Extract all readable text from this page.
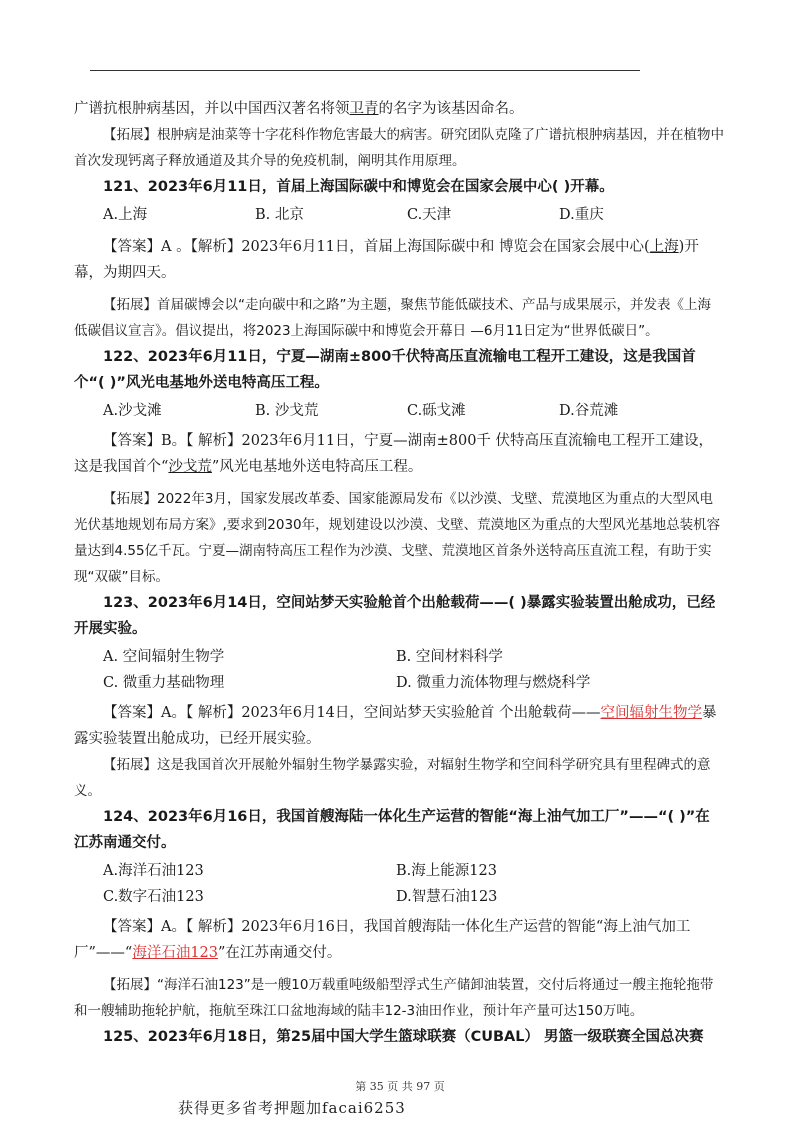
广谱抗根肿病基因，并以中国西汉著名将领卫青的名字为该基因命名。

【拓展】根肿病是油菜等十字花科作物危害最大的病害。研究团队克隆了广谱抗根肿病基因，并在植物中首次发现钙离子释放通道及其介导的免疫机制，阐明其作用原理。

121、2023年6月11日，首届上海国际碳中和博览会在国家会展中心( )开幕。

A.上海	B. 北京	C.天津	D.重庆

【答案】A 。【解析】2023年6月11日，首届上海国际碳中和 博览会在国家会展中心(上海)开幕，为期四天。

【拓展】首届碳博会以“走向碳中和之路”为主题，聚焦节能低碳技术、产品与成果展示，并发表《上海低碳倡议宣言》。倡议提出，将2023上海国际碳中和博览会开幕日 —6月11日定为“世界低碳日”。

122、2023年6月11日，宁夏—湖南±800千伏特高压直流输电工程开工建设，这是我国首个“( )”风光电基地外送电特高压工程。

A.沙戈滩	B. 沙戈荒	C.砾戈滩	D.谷荒滩

【答案】B。【 解析】2023年6月11日，宁夏—湖南±800千 伏特高压直流输电工程开工建设，这是我国首个“沙戈荒”风光电基地外送电特高压工程。

【拓展】2022年3月，国家发展改革委、国家能源局发布《以沙漠、戈壁、荒漠地区为重点的大型风电光伏基地规划布局方案》,要求到2030年，规划建设以沙漠、戈壁、荒漠地区为重点的大型风光基地总装机容量达到4.55亿千瓦。宁夏—湖南特高压工程作为沙漠、戈壁、荒漠地区首条外送特高压直流工程，有助于实现“双碳”目标。

123、2023年6月14日，空间站梦天实验舱首个出舱载荷——( )暴露实验装置出舱成功，已经开展实验。

A. 空间辐射生物学	B. 空间材料科学
C. 微重力基础物理	D. 微重力流体物理与燃烧科学

【答案】A。【 解析】2023年6月14日，空间站梦天实验舱首 个出舱载荷——空间辐射生物学暴露实验装置出舱成功，已经开展实验。

【拓展】这是我国首次开展舱外辐射生物学暴露实验，对辐射生物学和空间科学研究具有里程碑式的意义。

124、2023年6月16日，我国首艘海陆一体化生产运营的智能“海上油气加工厂”——“( )”在江苏南通交付。

A.海洋石油123	B.海上能源123
C.数字石油123	D.智慧石油123

【答案】A。【 解析】2023年6月16日，我国首艘海陆一体化生产运营的智能“海上油气加工厂”——“海洋石油123”在江苏南通交付。

【拓展】“海洋石油123”是一艘10万载重吨级船型浮式生产储卸油装置，交付后将通过一艘主拖轮拖带和一艘辅助拖轮护航，拖航至珠江口盆地海域的陆丰12-3油田作业，预计年产量可达150万吨。

125、2023年6月18日，第25届中国大学生篮球联赛（CUBAL） 男篮一级联赛全国总决赛

第 35 页 共 97 页
获得更多省考押题加facai6253
